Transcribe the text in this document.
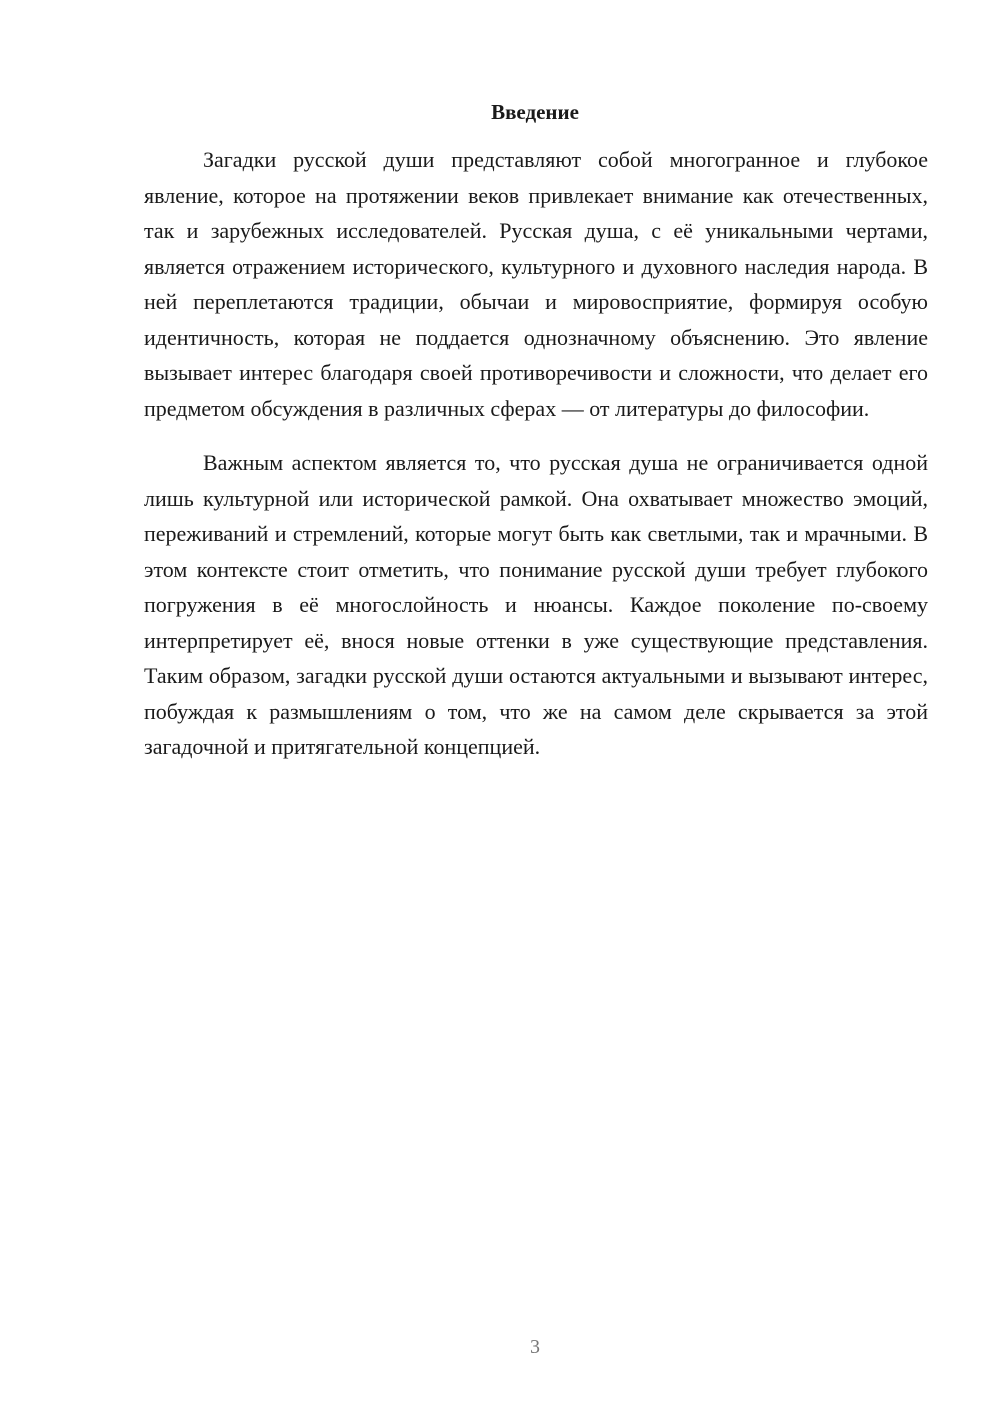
Введение

Загадки русской души представляют собой многогранное и глубокое явление, которое на протяжении веков привлекает внимание как отечественных, так и зарубежных исследователей. Русская душа, с её уникальными чертами, является отражением исторического, культурного и духовного наследия народа. В ней переплетаются традиции, обычаи и мировосприятие, формируя особую идентичность, которая не поддается однозначному объяснению. Это явление вызывает интерес благодаря своей противоречивости и сложности, что делает его предметом обсуждения в различных сферах — от литературы до философии.

Важным аспектом является то, что русская душа не ограничивается одной лишь культурной или исторической рамкой. Она охватывает множество эмоций, переживаний и стремлений, которые могут быть как светлыми, так и мрачными. В этом контексте стоит отметить, что понимание русской души требует глубокого погружения в её многослойность и нюансы. Каждое поколение по-своему интерпретирует её, внося новые оттенки в уже существующие представления. Таким образом, загадки русской души остаются актуальными и вызывают интерес, побуждая к размышлениям о том, что же на самом деле скрывается за этой загадочной и притягательной концепцией.

3
